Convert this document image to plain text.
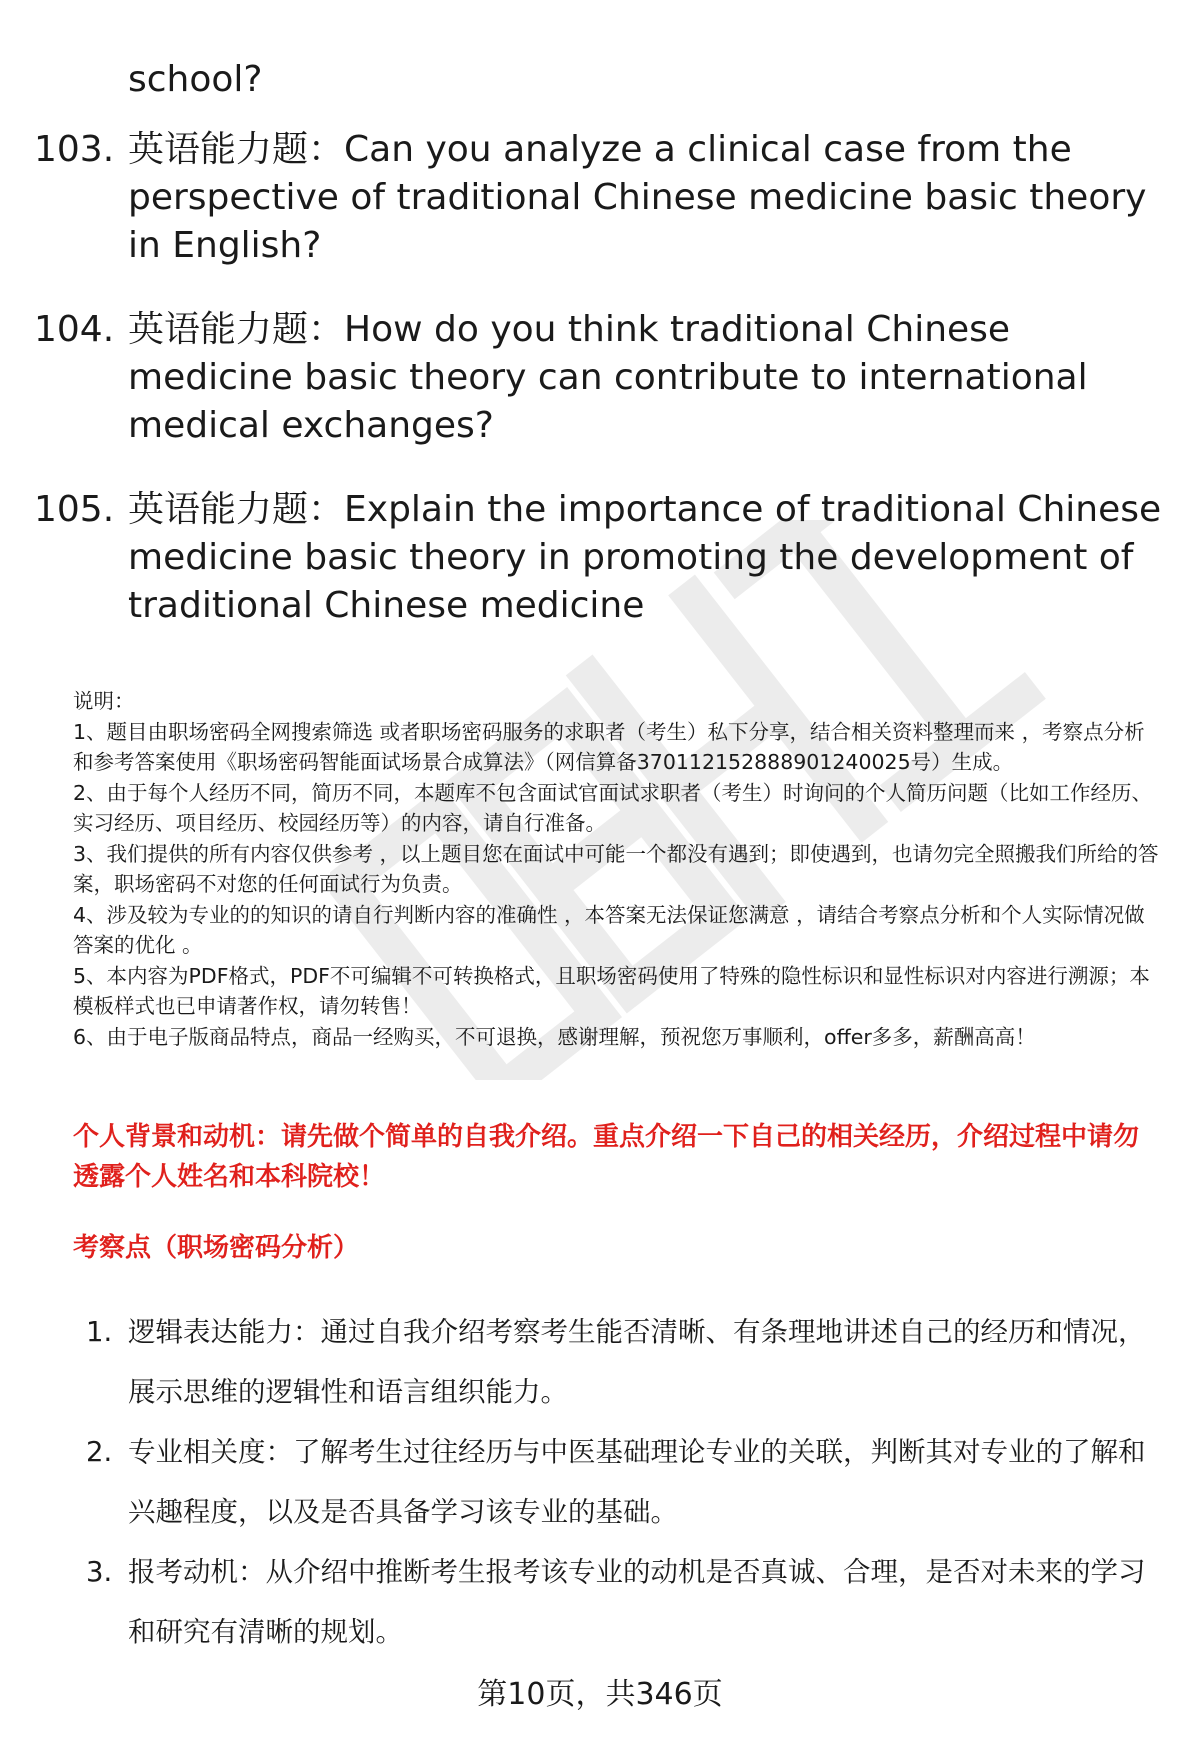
school?
103. 英语能力题：Can you analyze a clinical case from the perspective of traditional Chinese medicine basic theory in English?
104. 英语能力题：How do you think traditional Chinese medicine basic theory can contribute to international medical exchanges?
105. 英语能力题：Explain the importance of traditional Chinese medicine basic theory in promoting the development of traditional Chinese medicine
说明：
1、题目由职场密码全网搜索筛选 或者职场密码服务的求职者（考生）私下分享，结合相关资料整理而来 ，考察点分析和参考答案使用《职场密码智能面试场景合成算法》（网信算备370112152888901240025号）生成。
2、由于每个人经历不同，简历不同，本题库不包含面试官面试求职者（考生）时询问的个人简历问题（比如工作经历、实习经历、项目经历、校园经历等）的内容，请自行准备。
3、我们提供的所有内容仅供参考 ，以上题目您在面试中可能一个都没有遇到；即使遇到，也请勿完全照搬我们所给的答案，职场密码不对您的任何面试行为负责。
4、涉及较为专业的的知识的请自行判断内容的准确性 ，本答案无法保证您满意 ，请结合考察点分析和个人实际情况做答案的优化 。
5、本内容为PDF格式，PDF不可编辑不可转换格式，且职场密码使用了特殊的隐性标识和显性标识对内容进行溯源；本模板样式也已申请著作权，请勿转售！
6、由于电子版商品特点，商品一经购买，不可退换，感谢理解，预祝您万事顺利，offer多多，薪酬高高！
个人背景和动机：请先做个简单的自我介绍。重点介绍一下自己的相关经历，介绍过程中请勿透露个人姓名和本科院校！
考察点（职场密码分析）
1. 逻辑表达能力：通过自我介绍考察考生能否清晰、有条理地讲述自己的经历和情况，展示思维的逻辑性和语言组织能力。
2. 专业相关度：了解考生过往经历与中医基础理论专业的关联，判断其对专业的了解和兴趣程度，以及是否具备学习该专业的基础。
3. 报考动机：从介绍中推断考生报考该专业的动机是否真诚、合理，是否对未来的学习和研究有清晰的规划。
第10页，共346页
